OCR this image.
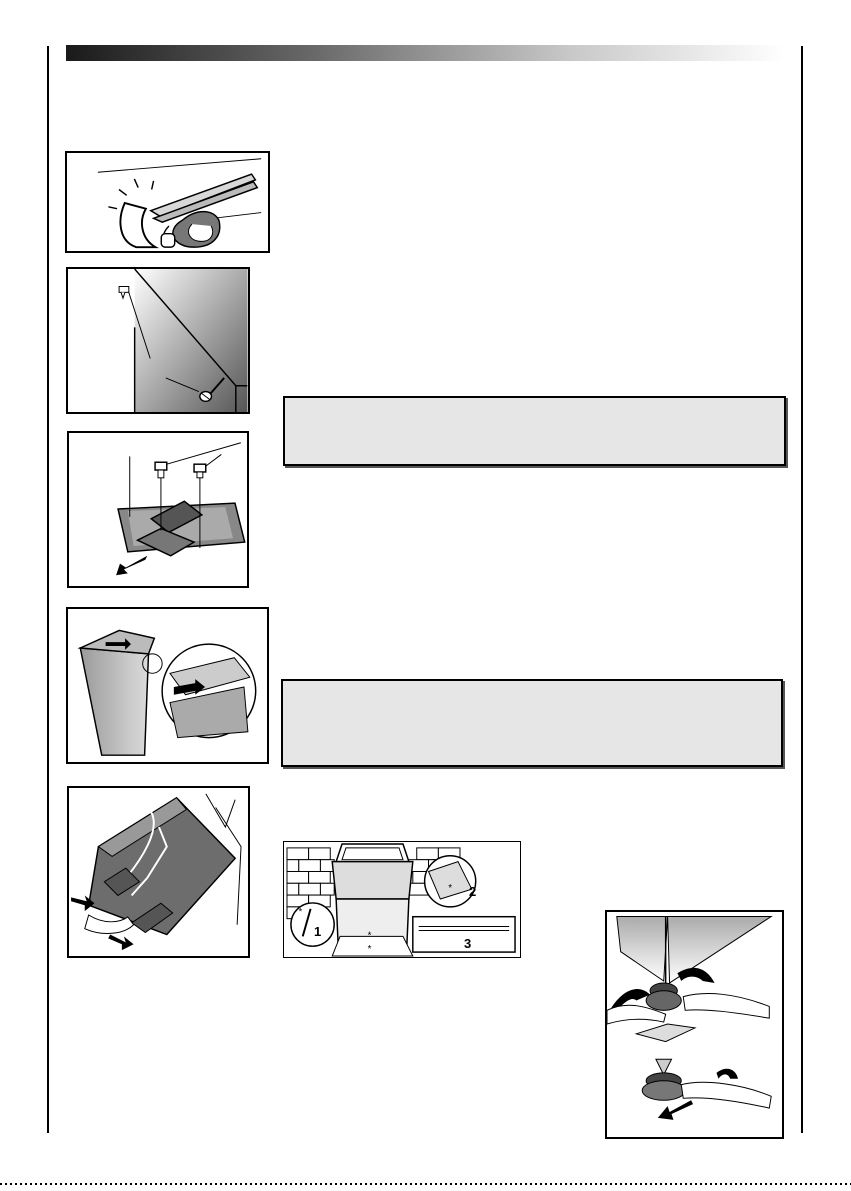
*
*
*
*
1
2
3
